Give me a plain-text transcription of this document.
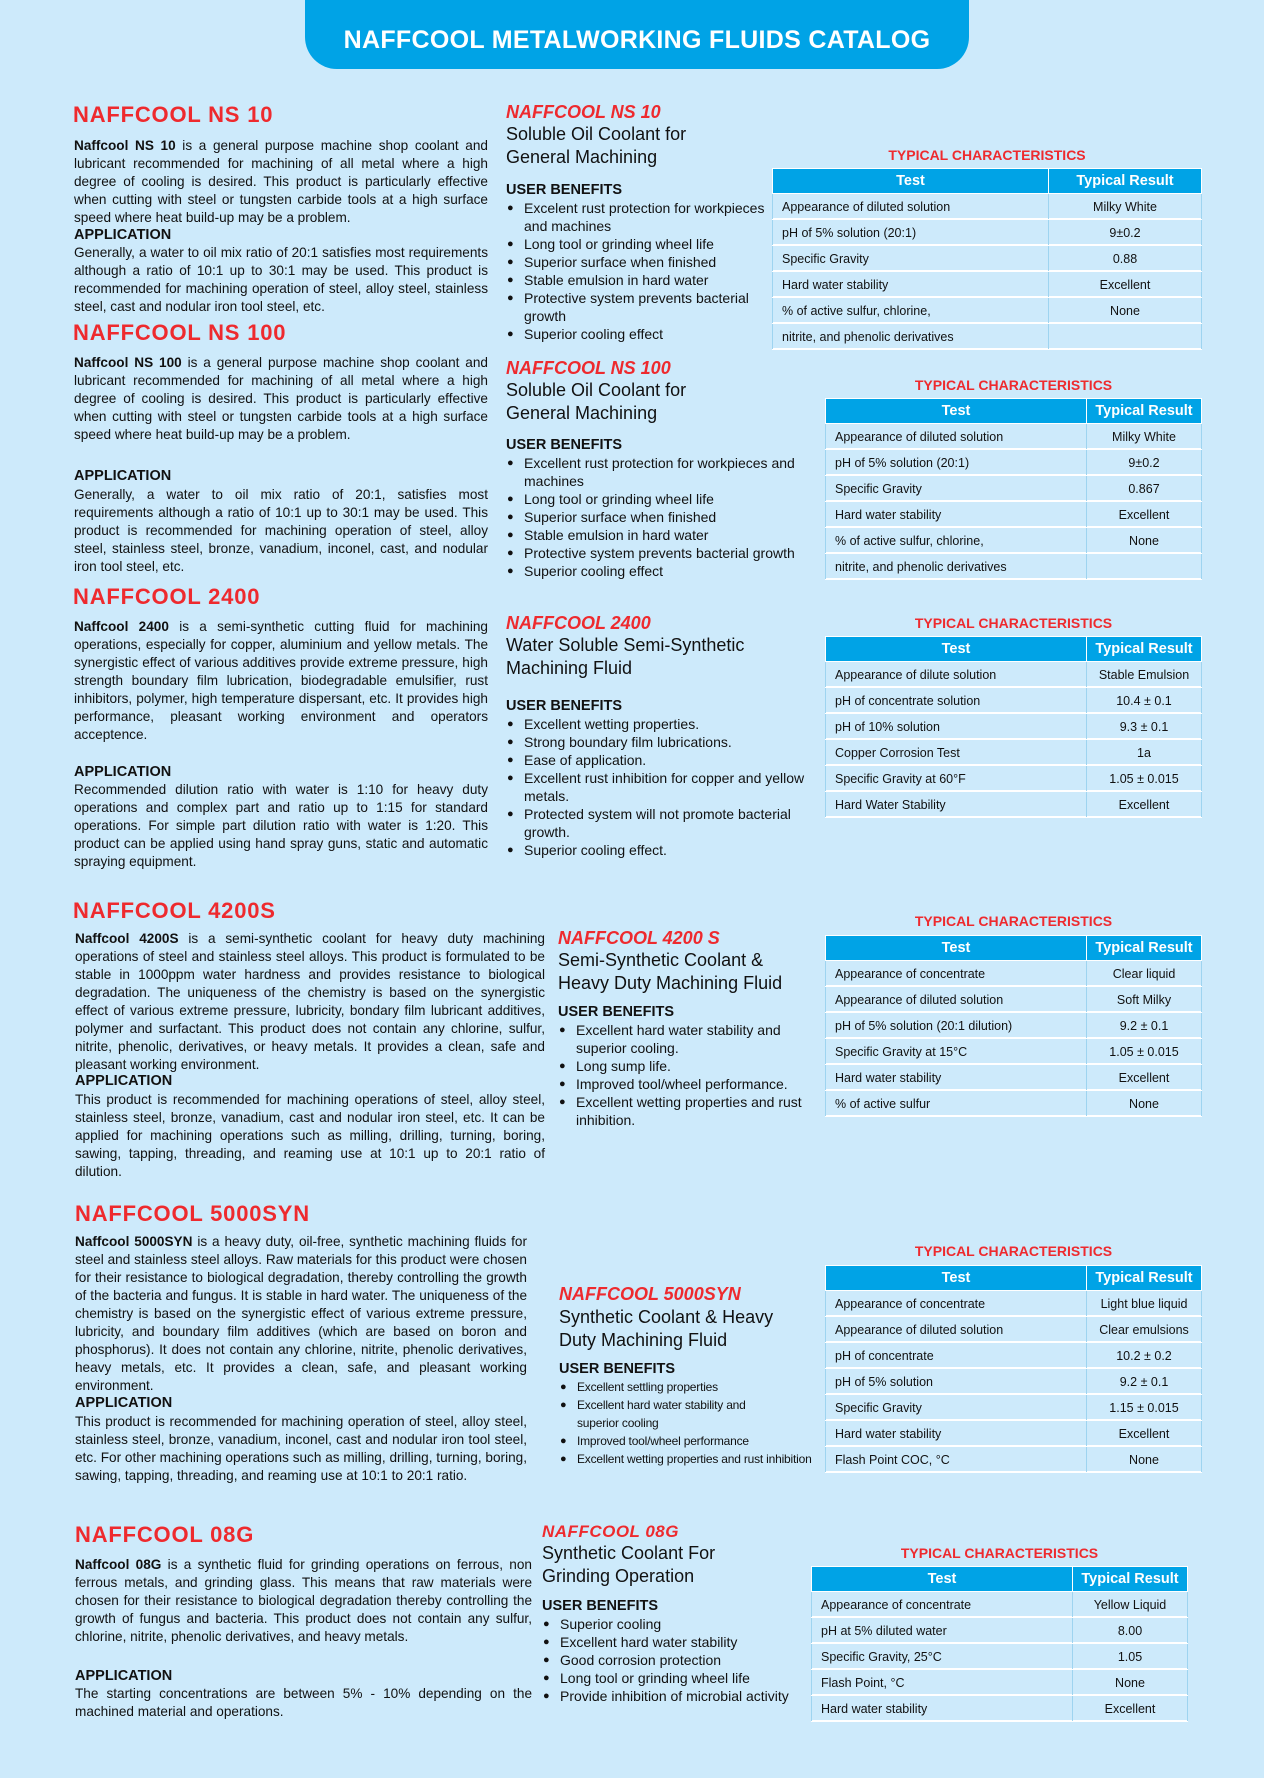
NAFFCOOL METALWORKING FLUIDS CATALOG
NAFFCOOL NS 10
Naffcool NS 10 is a general purpose machine shop coolant and lubricant recommended for machining of all metal where a high degree of cooling is desired. This product is particularly effective when cutting with steel or tungsten carbide tools at a high surface speed where heat build-up may be a problem.
APPLICATION
Generally, a water to oil mix ratio of 20:1 satisfies most requirements although a ratio of 10:1 up to 30:1 may be used. This product is recommended for machining operation of steel, alloy steel, stainless steel, cast and nodular iron tool steel, etc.
NAFFCOOL NS 10
Soluble Oil Coolant for General Machining
USER BENEFITS
● Excelent rust protection for workpieces and machines
● Long tool or grinding wheel life
● Superior surface when finished
● Stable emulsion in hard water
● Protective system prevents bacterial growth
● Superior cooling effect
TYPICAL CHARACTERISTICS
Test	Typical Result
Appearance of diluted solution	Milky White
pH of 5% solution (20:1)	9±0.2
Specific Gravity	0.88
Hard water stability	Excellent
% of active sulfur, chlorine,	None
nitrite, and phenolic derivatives	
NAFFCOOL NS 100
Naffcool NS 100 is a general purpose machine shop coolant and lubricant recommended for machining of all metal where a high degree of cooling is desired. This product is particularly effective when cutting with steel or tungsten carbide tools at a high surface speed where heat build-up may be a problem.
APPLICATION
Generally, a water to oil mix ratio of 20:1, satisfies most requirements although a ratio of 10:1 up to 30:1 may be used. This product is recommended for machining operation of steel, alloy steel, stainless steel, bronze, vanadium, inconel, cast, and nodular iron tool steel, etc.
NAFFCOOL NS 100
Soluble Oil Coolant for General Machining
USER BENEFITS
● Excellent rust protection for workpieces and machines
● Long tool or grinding wheel life
● Superior surface when finished
● Stable emulsion in hard water
● Protective system prevents bacterial growth
● Superior cooling effect
TYPICAL CHARACTERISTICS
Test	Typical Result
Appearance of diluted solution	Milky White
pH of 5% solution (20:1)	9±0.2
Specific Gravity	0.867
Hard water stability	Excellent
% of active sulfur, chlorine,	None
nitrite, and phenolic derivatives	
NAFFCOOL 2400
Naffcool 2400 is a semi-synthetic cutting fluid for machining operations, especially for copper, aluminium and yellow metals. The synergistic effect of various additives provide extreme pressure, high strength boundary film lubrication, biodegradable emulsifier, rust inhibitors, polymer, high temperature dispersant, etc. It provides high performance, pleasant working environment and operators acceptence.
APPLICATION
Recommended dilution ratio with water is 1:10 for heavy duty operations and complex part and ratio up to 1:15 for standard operations. For simple part dilution ratio with water is 1:20. This product can be applied using hand spray guns, static and automatic spraying equipment.
NAFFCOOL 2400
Water Soluble Semi-Synthetic Machining Fluid
USER BENEFITS
● Excellent wetting properties.
● Strong boundary film lubrications.
● Ease of application.
● Excellent rust inhibition for copper and yellow metals.
● Protected system will not promote bacterial growth.
● Superior cooling effect.
TYPICAL CHARACTERISTICS
Test	Typical Result
Appearance of dilute solution	Stable Emulsion
pH of concentrate solution	10.4 ± 0.1
pH of 10% solution	9.3 ± 0.1
Copper Corrosion Test	1a
Specific Gravity at 60°F	1.05 ± 0.015
Hard Water Stability	Excellent
NAFFCOOL 4200S
Naffcool 4200S is a semi-synthetic coolant for heavy duty machining operations of steel and stainless steel alloys. This product is formulated to be stable in 1000ppm water hardness and provides resistance to biological degradation. The uniqueness of the chemistry is based on the synergistic effect of various extreme pressure, lubricity, bondary film lubricant additives, polymer and surfactant. This product does not contain any chlorine, sulfur, nitrite, phenolic, derivatives, or heavy metals. It provides a clean, safe and pleasant working environment.
APPLICATION
This product is recommended for machining operations of steel, alloy steel, stainless steel, bronze, vanadium, cast and nodular iron steel, etc. It can be applied for machining operations such as milling, drilling, turning, boring, sawing, tapping, threading, and reaming use at 10:1 up to 20:1 ratio of dilution.
NAFFCOOL 4200 S
Semi-Synthetic Coolant & Heavy Duty Machining Fluid
USER BENEFITS
● Excellent hard water stability and superior cooling.
● Long sump life.
● Improved tool/wheel performance.
● Excellent wetting properties and rust inhibition.
TYPICAL CHARACTERISTICS
Test	Typical Result
Appearance of concentrate	Clear liquid
Appearance of diluted solution	Soft Milky
pH of 5% solution (20:1 dilution)	9.2 ± 0.1
Specific Gravity at 15°C	1.05 ± 0.015
Hard water stability	Excellent
% of active sulfur	None
NAFFCOOL 5000SYN
Naffcool 5000SYN is a heavy duty, oil-free, synthetic machining fluids for steel and stainless steel alloys. Raw materials for this product were chosen for their resistance to biological degradation, thereby controlling the growth of the bacteria and fungus. It is stable in hard water. The uniqueness of the chemistry is based on the synergistic effect of various extreme pressure, lubricity, and boundary film additives (which are based on boron and phosphorus). It does not contain any chlorine, nitrite, phenolic derivatives, heavy metals, etc. It provides a clean, safe, and pleasant working environment.
APPLICATION
This product is recommended for machining operation of steel, alloy steel, stainless steel, bronze, vanadium, inconel, cast and nodular iron tool steel, etc. For other machining operations such as milling, drilling, turning, boring, sawing, tapping, threading, and reaming use at 10:1 to 20:1 ratio.
NAFFCOOL 5000SYN
Synthetic Coolant & Heavy Duty Machining Fluid
USER BENEFITS
● Excellent settling properties
● Excellent hard water stability and superior cooling
● Improved tool/wheel performance
● Excellent wetting properties and rust inhibition
TYPICAL CHARACTERISTICS
Test	Typical Result
Appearance of concentrate	Light blue liquid
Appearance of diluted solution	Clear emulsions
pH of concentrate	10.2 ± 0.2
pH of 5% solution	9.2 ± 0.1
Specific Gravity	1.15 ± 0.015
Hard water stability	Excellent
Flash Point COC, °C	None
NAFFCOOL 08G
Naffcool 08G is a synthetic fluid for grinding operations on ferrous, non ferrous metals, and grinding glass. This means that raw materials were chosen for their resistance to biological degradation thereby controlling the growth of fungus and bacteria. This product does not contain any sulfur, chlorine, nitrite, phenolic derivatives, and heavy metals.
APPLICATION
The starting concentrations are between 5% - 10% depending on the machined material and operations.
NAFFCOOL 08G
Synthetic Coolant For Grinding Operation
USER BENEFITS
● Superior cooling
● Excellent hard water stability
● Good corrosion protection
● Long tool or grinding wheel life
● Provide inhibition of microbial activity
TYPICAL CHARACTERISTICS
Test	Typical Result
Appearance of concentrate	Yellow Liquid
pH at 5% diluted water	8.00
Specific Gravity, 25°C	1.05
Flash Point, °C	None
Hard water stability	Excellent
